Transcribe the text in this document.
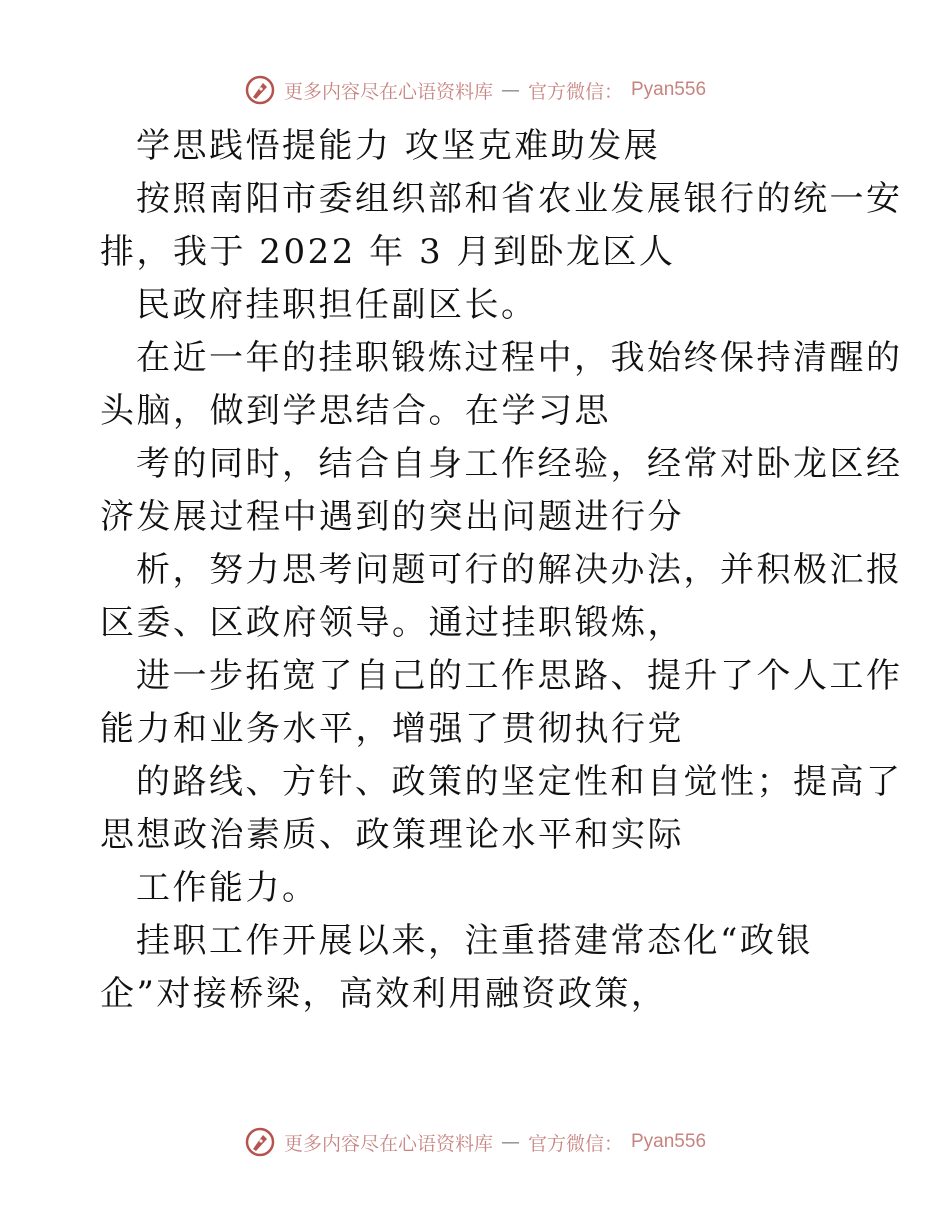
更多内容尽在心语资料库 — 官方微信： Pyan556
学思践悟提能力 攻坚克难助发展
按照南阳市委组织部和省农业发展银行的统一安
排，我于 2022 年 3 月到卧龙区人
民政府挂职担任副区长。
在近一年的挂职锻炼过程中，我始终保持清醒的
头脑，做到学思结合。在学习思
考的同时，结合自身工作经验，经常对卧龙区经
济发展过程中遇到的突出问题进行分
析，努力思考问题可行的解决办法，并积极汇报
区委、区政府领导。通过挂职锻炼，
进一步拓宽了自己的工作思路、提升了个人工作
能力和业务水平，增强了贯彻执行党
的路线、方针、政策的坚定性和自觉性；提高了
思想政治素质、政策理论水平和实际
工作能力。
挂职工作开展以来，注重搭建常态化“政银
企”对接桥梁，高效利用融资政策，
更多内容尽在心语资料库 — 官方微信： Pyan556
